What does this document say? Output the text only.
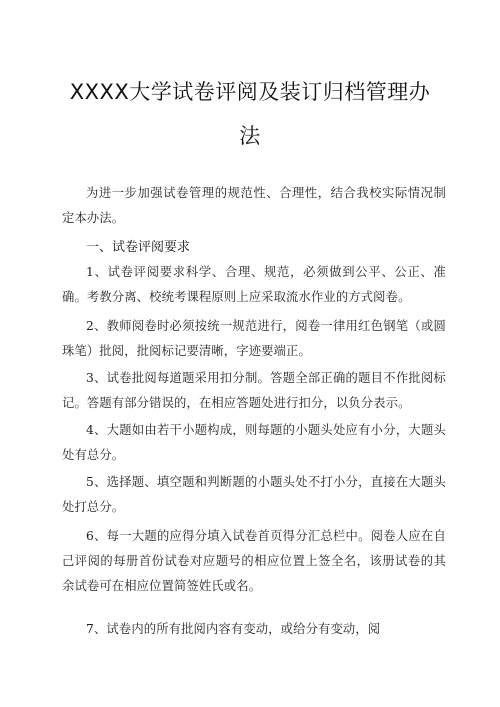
XXXX大学试卷评阅及装订归档管理办
法

为进一步加强试卷管理的规范性、合理性，结合我校实际情况制定本办法。

一、试卷评阅要求

1、试卷评阅要求科学、合理、规范，必须做到公平、公正、准确。考教分离、校统考课程原则上应采取流水作业的方式阅卷。

2、教师阅卷时必须按统一规范进行，阅卷一律用红色钢笔（或圆珠笔）批阅，批阅标记要清晰，字迹要端正。

3、试卷批阅每道题采用扣分制。答题全部正确的题目不作批阅标记。答题有部分错误的，在相应答题处进行扣分，以负分表示。

4、大题如由若干小题构成，则每题的小题头处应有小分，大题头处有总分。

5、选择题、填空题和判断题的小题头处不打小分，直接在大题头处打总分。

6、每一大题的应得分填入试卷首页得分汇总栏中。阅卷人应在自己评阅的每册首份试卷对应题号的相应位置上签全名，该册试卷的其余试卷可在相应位置简签姓氏或名。

7、试卷内的所有批阅内容有变动，或给分有变动，阅
